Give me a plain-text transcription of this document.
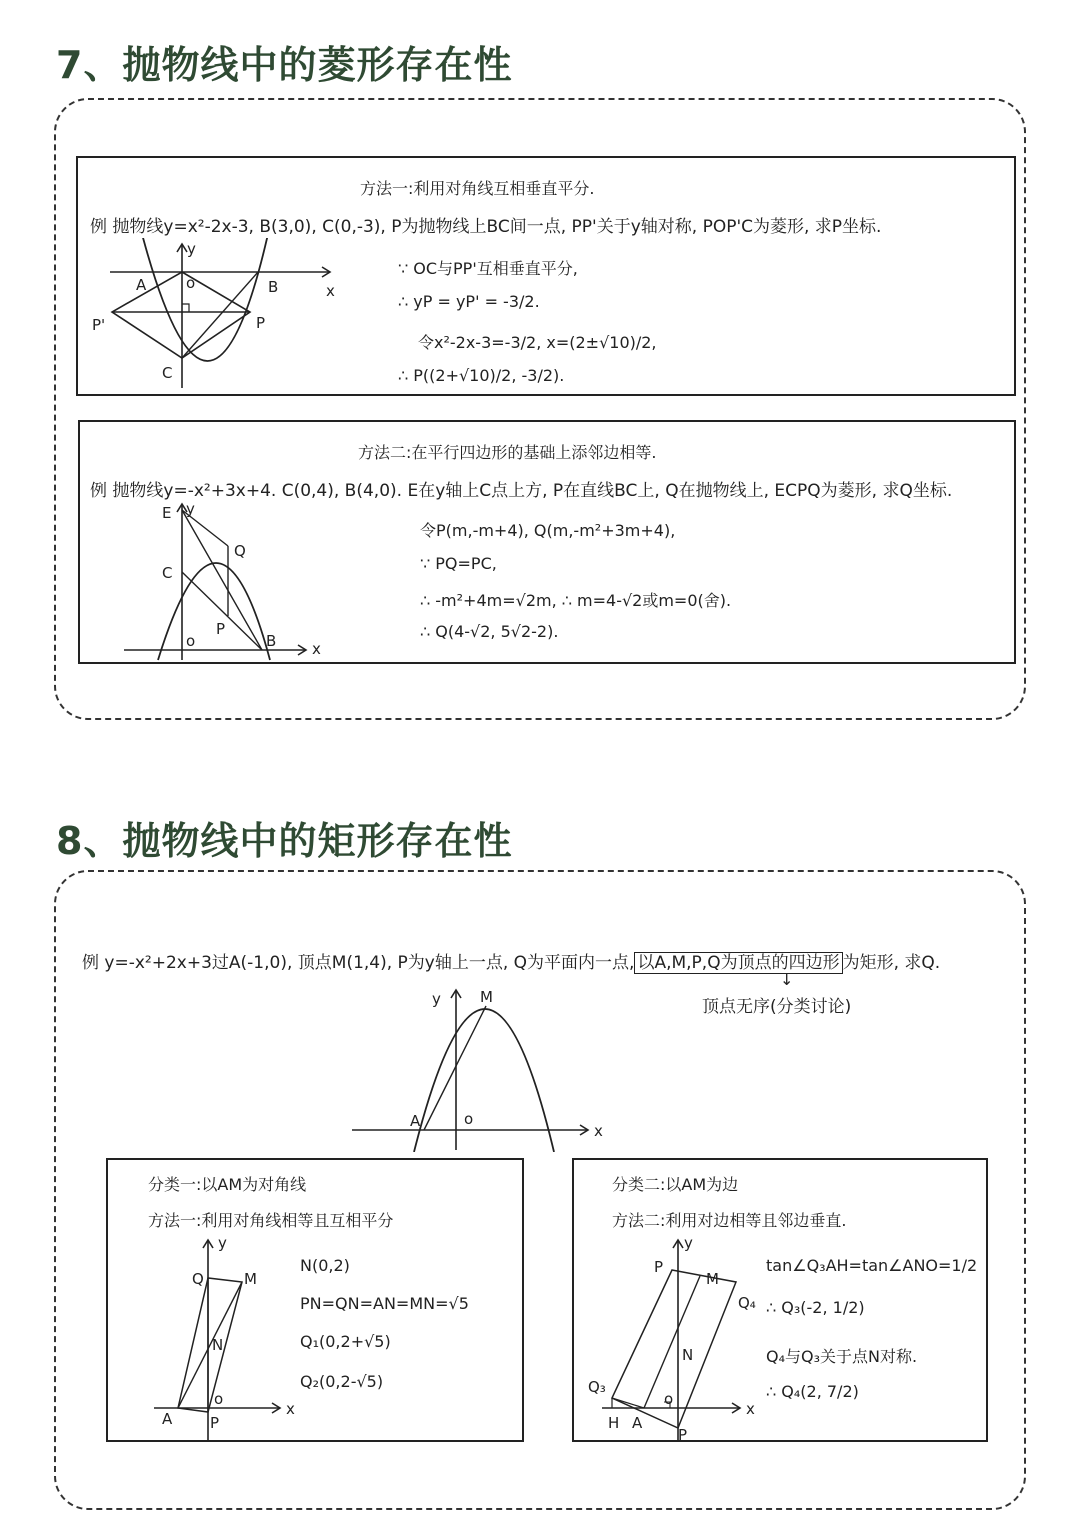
7、抛物线中的菱形存在性
方法一:利用对角线互相垂直平分.
例 抛物线y=x²-2x-3, B(3,0), C(0,-3), P为抛物线上BC间一点, PP'关于y轴对称, POP'C为菱形, 求P坐标.
y
x
o
A	B
P
P'
C
∵ OC与PP'互相垂直平分,
∴ yP = yP' = -3/2.
令x²-2x-3=-3/2, x=(2±√10)/2,
∴ P((2+√10)/2, -3/2).
方法二:在平行四边形的基础上添邻边相等.
例 抛物线y=-x²+3x+4. C(0,4), B(4,0). E在y轴上C点上方, P在直线BC上, Q在抛物线上, ECPQ为菱形, 求Q坐标.
E y
C
Q
P
o	B x
令P(m,-m+4), Q(m,-m²+3m+4),
∵ PQ=PC,
∴ -m²+4m=√2m, ∴ m=4-√2或m=0(舍).
∴ Q(4-√2, 5√2-2).
8、抛物线中的矩形存在性
例 y=-x²+2x+3过A(-1,0), 顶点M(1,4), P为y轴上一点, Q为平面内一点, 以A,M,P,Q为顶点的四边形 为矩形, 求Q.
↓
顶点无序(分类讨论)
y
x
o
M
A
分类一:以AM为对角线
方法一:利用对角线相等且互相平分
y
x
Q	M
N
o
A	P
N(0,2)
PN=QN=AN=MN=√5
Q₁(0,2+√5)
Q₂(0,2-√5)
分类二:以AM为边
方法二:利用对边相等且邻边垂直.
y
x
P
M
Q₄
N
Q₃
o
H A
P
tan∠Q₃AH=tan∠ANO=1/2
∴ Q₃(-2, 1/2)
Q₄与Q₃关于点N对称.
∴ Q₄(2, 7/2)
